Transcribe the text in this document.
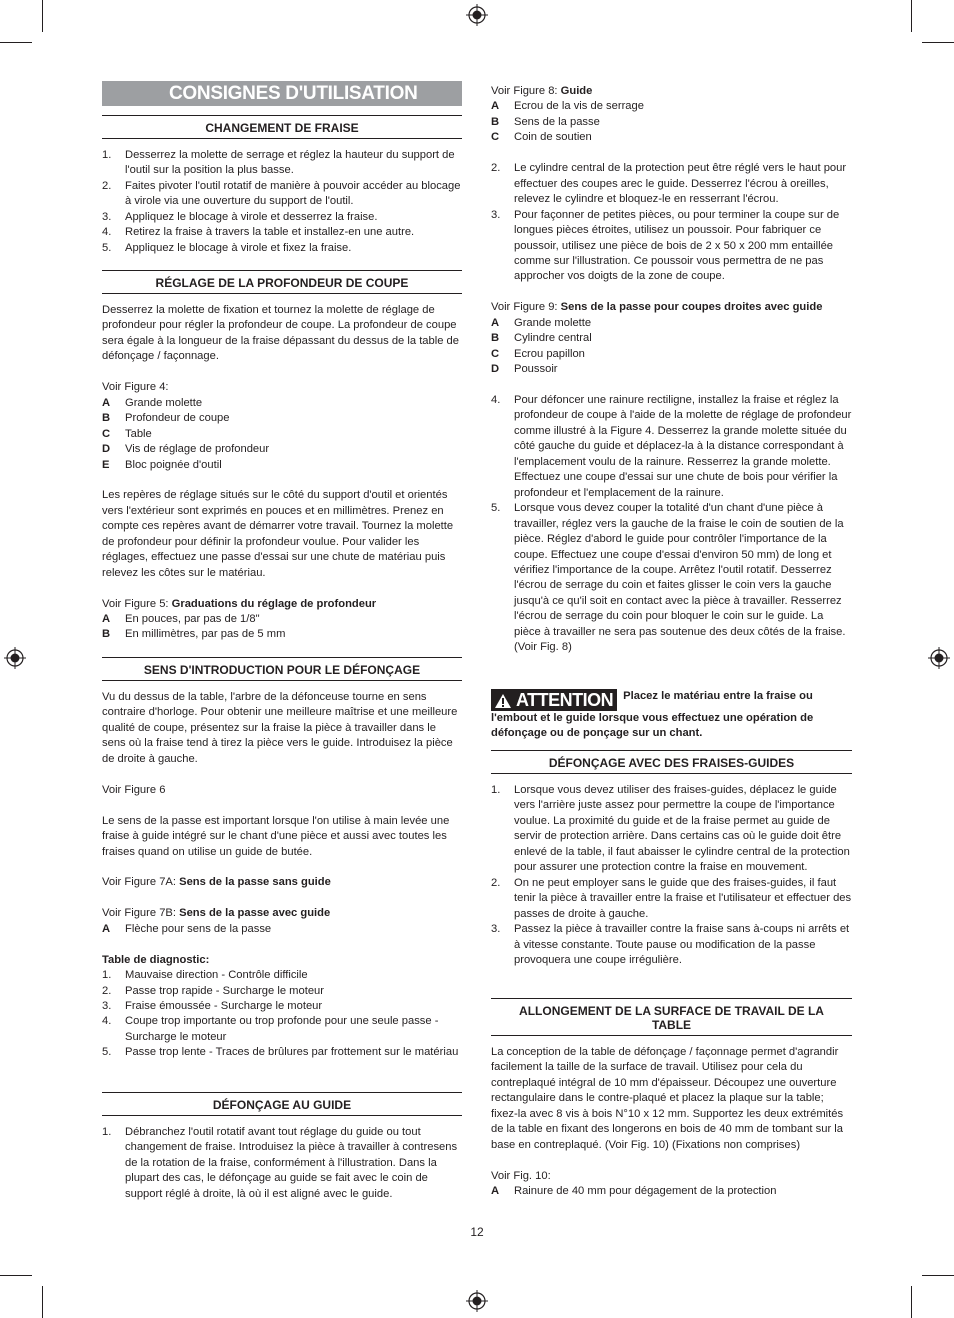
CONSIGNES D'UTILISATION
CHANGEMENT DE FRAISE
1. Desserrez la molette de serrage et réglez la hauteur du support de l'outil sur la position la plus basse.
2. Faites pivoter l'outil rotatif de manière à pouvoir accéder au blocage à virole via une ouverture du support de l'outil.
3. Appliquez le blocage à virole et desserrez la fraise.
4. Retirez la fraise à travers la table et installez-en une autre.
5. Appliquez le blocage à virole et fixez la fraise.
RÉGLAGE DE LA PROFONDEUR DE COUPE

Desserrez la molette de fixation et tournez la molette de réglage de profondeur pour régler la profondeur de coupe. La profondeur de coupe sera égale à la longueur de la fraise dépassant du dessus de la table de défonçage / façonnage.

Voir Figure 4:

A Grande molette
B Profondeur de coupe
C Table
D Vis de réglage de profondeur
E Bloc poignée d'outil

Les repères de réglage situés sur le côté du support d'outil et orientés vers l'extérieur sont exprimés en pouces et en millimètres. Prenez en compte ces repères avant de démarrer votre travail. Tournez la molette de profondeur pour définir la profondeur voulue. Pour valider les réglages, effectuez une passe d'essai sur une chute de matériau puis relevez les côtes sur le matériau.

Voir Figure 5: Graduations du réglage de profondeur

A En pouces, par pas de 1/8"
B En millimètres, par pas de 5 mm
SENS D'INTRODUCTION POUR LE DÉFONÇAGE

Vu du dessus de la table, l'arbre de la défonceuse tourne en sens contraire d'horloge. Pour obtenir une meilleure maîtrise et une meilleure qualité de coupe, présentez sur la fraise la pièce à travailler dans le sens où la fraise tend à tirez la pièce vers le guide. Introduisez la pièce de droite à gauche.

Voir Figure 6

Le sens de la passe est important lorsque l'on utilise à main levée une fraise à guide intégré sur le chant d'une pièce et aussi avec toutes les fraises quand on utilise un guide de butée.

Voir Figure 7A: Sens de la passe sans guide

Voir Figure 7B: Sens de la passe avec guide

A Flèche pour sens de la passe

Table de diagnostic:

1. Mauvaise direction - Contrôle difficile
2. Passe trop rapide - Surcharge le moteur
3. Fraise émoussée - Surcharge le moteur
4. Coupe trop importante ou trop profonde pour une seule passe - Surcharge le moteur
5. Passe trop lente - Traces de brûlures par frottement sur le matériau
DÉFONÇAGE AU GUIDE
1. Débranchez l'outil rotatif avant tout réglage du guide ou tout changement de fraise. Introduisez la pièce à travailler à contresens de la rotation de la fraise, conformément à l'illustration. Dans la plupart des cas, le défonçage au guide se fait avec le coin de support réglé à droite, là où il est aligné avec le guide.

Voir Figure 8: Guide

A Ecrou de la vis de serrage
B Sens de la passe
C Coin de soutien
2. Le cylindre central de la protection peut être réglé vers le haut pour effectuer des coupes arec le guide. Desserrez l'écrou à oreilles, relevez le cylindre et bloquez-le en resserrant l'écrou.
3. Pour façonner de petites pièces, ou pour terminer la coupe sur de longues pièces étroites, utilisez un poussoir. Pour fabriquer ce poussoir, utilisez une pièce de bois de 2 x 50 x 200 mm entaillée comme sur l'illustration. Ce poussoir vous permettra de ne pas approcher vos doigts de la zone de coupe.

Voir Figure 9: Sens de la passe pour coupes droites avec guide

A Grande molette
B Cylindre central
C Ecrou papillon
D Poussoir
4. Pour défoncer une rainure rectiligne, installez la fraise et réglez la profondeur de coupe à l'aide de la molette de réglage de profondeur comme illustré à la Figure 4. Desserrez la grande molette située du côté gauche du guide et déplacez-la à la distance correspondant à l'emplacement voulu de la rainure. Resserrez la grande molette. Effectuez une coupe d'essai sur une chute de bois pour vérifier la profondeur et l'emplacement de la rainure.
5. Lorsque vous devez couper la totalité d'un chant d'une pièce à travailler, réglez vers la gauche de la fraise le coin de soutien de la pièce. Réglez d'abord le guide pour contrôler l'importance de la coupe. Effectuez une coupe d'essai d'environ 50 mm) de long et vérifiez l'importance de la coupe. Arrêtez l'outil rotatif. Desserrez l'écrou de serrage du coin et faites glisser le coin vers la gauche jusqu'à ce qu'il soit en contact avec la pièce à travailler. Resserrez l'écrou de serrage du coin pour bloquer le coin sur le guide. La pièce à travailler ne sera pas soutenue des deux côtés de la fraise. (Voir Fig. 8)

ATTENTION Placez le matériau entre la fraise ou l'embout et le guide lorsque vous effectuez une opération de défonçage ou de ponçage sur un chant.

DÉFONÇAGE AVEC DES FRAISES-GUIDES
1. Lorsque vous devez utiliser des fraises-guides, déplacez le guide vers l'arrière juste assez pour permettre la coupe de l'importance voulue. La proximité du guide et de la fraise permet au guide de servir de protection arrière. Dans certains cas où le guide doit être enlevé de la table, il faut abaisser le cylindre central de la protection pour assurer une protection contre la fraise en mouvement.
2. On ne peut employer sans le guide que des fraises-guides, il faut tenir la pièce à travailler entre la fraise et l'utilisateur et effectuer des passes de droite à gauche.
3. Passez la pièce à travailler contre la fraise sans à-coups ni arrêts et à vitesse constante. Toute pause ou modification de la passe provoquera une coupe irrégulière.
ALLONGEMENT DE LA SURFACE DE TRAVAIL DE LA TABLE

La conception de la table de défonçage / façonnage permet d'agrandir facilement la taille de la surface de travail. Utilisez pour cela du contreplaqué intégral de 10 mm d'épaisseur. Découpez une ouverture rectangulaire dans le contre-plaqué et placez la plaque sur la table; fixez-la avec 8 vis à bois N°10 x 12 mm. Supportez les deux extrémités de la table en fixant des longerons en bois de 40 mm de tombant sur la base en contreplaqué. (Voir Fig. 10) (Fixations non comprises)

Voir Fig. 10:

A Rainure de 40 mm pour dégagement de la protection
12
